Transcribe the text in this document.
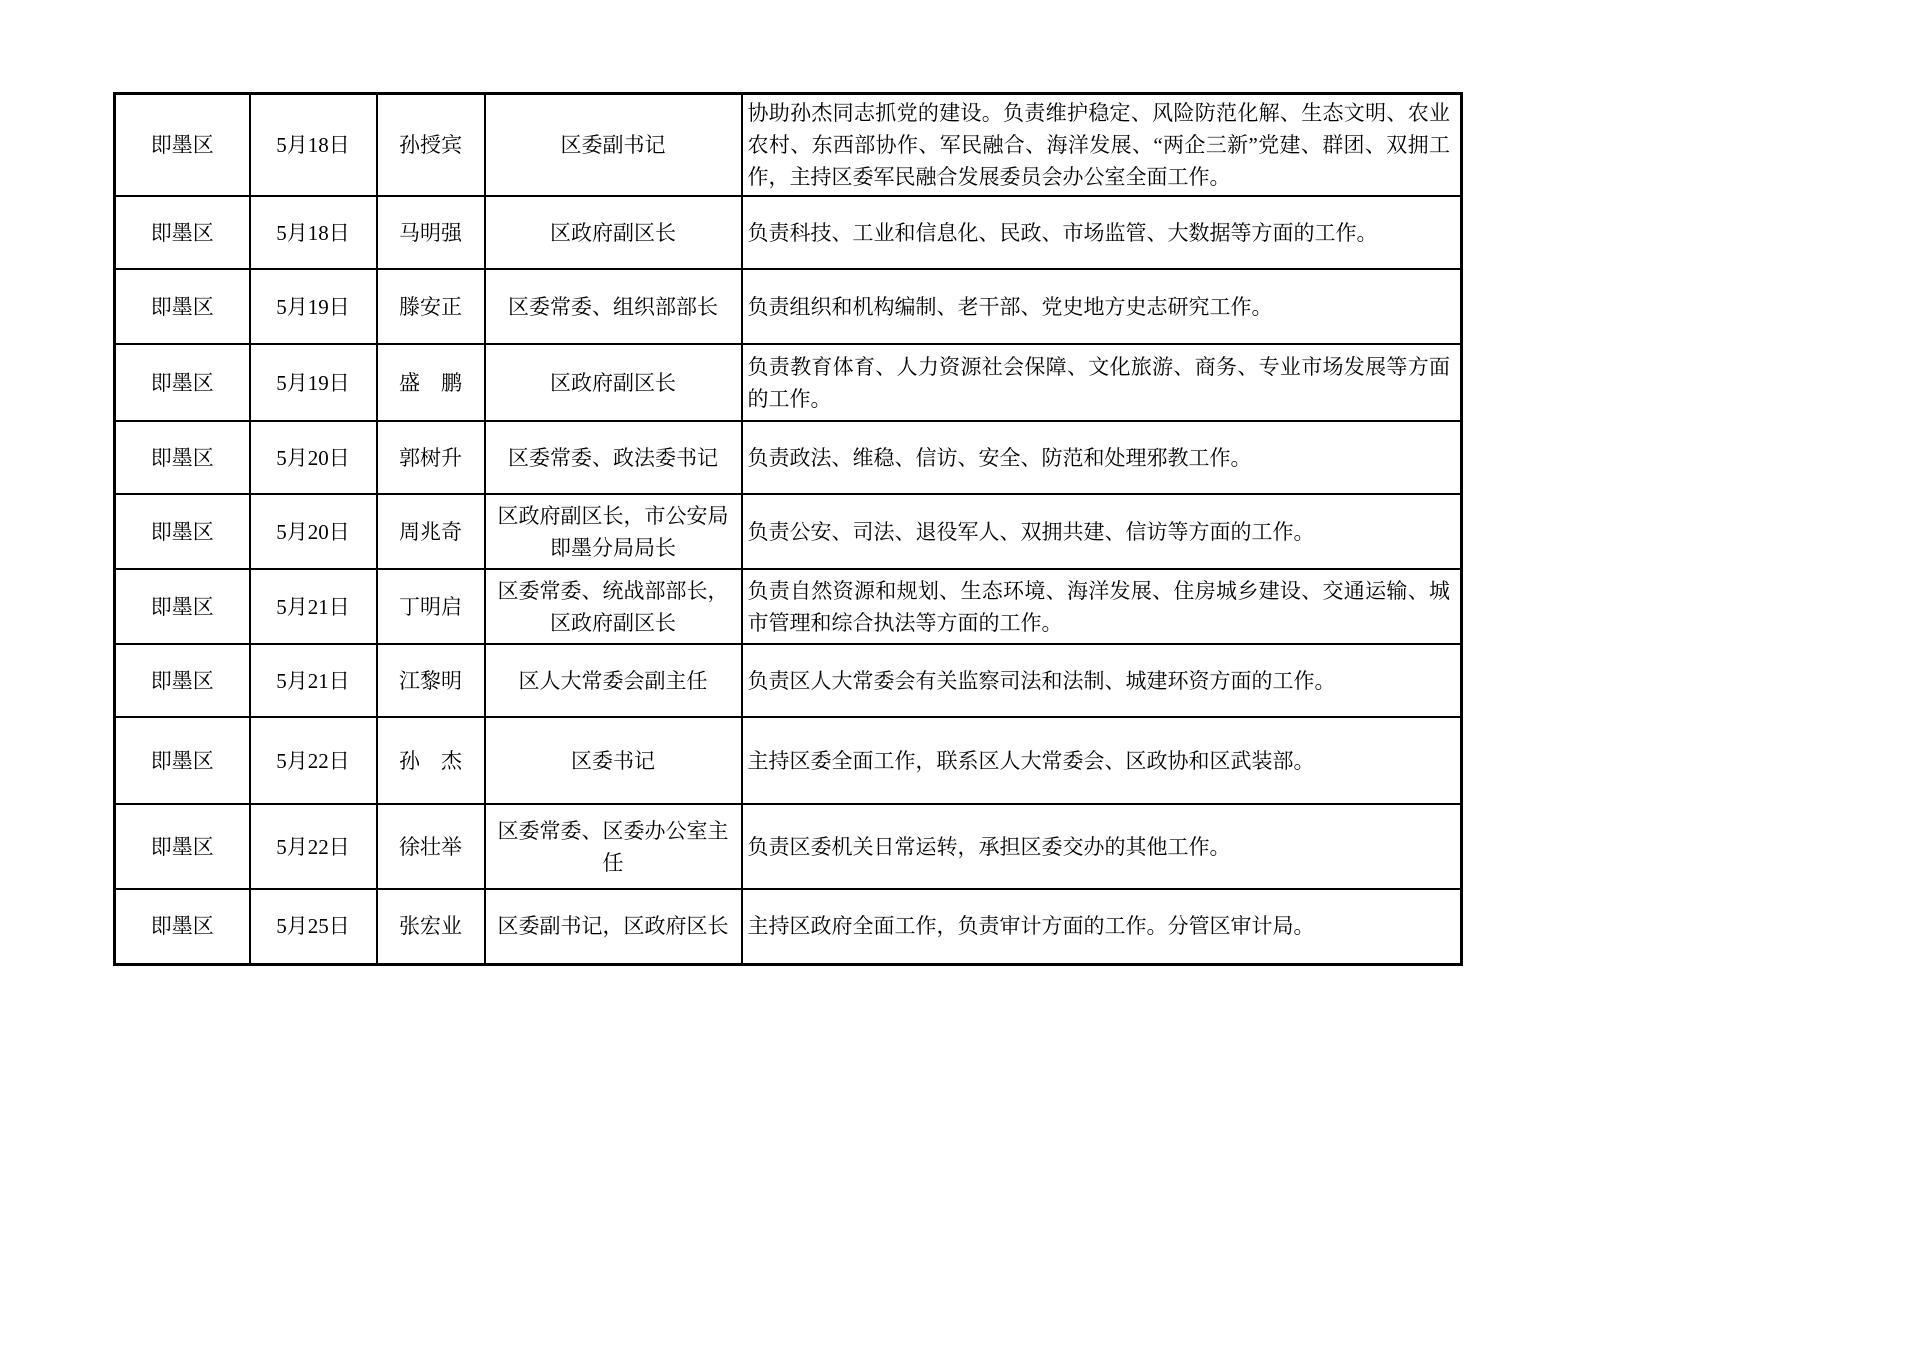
即墨区	5月18日	孙授宾	区委副书记	协助孙杰同志抓党的建设。负责维护稳定、风险防范化解、生态文明、农业农村、东西部协作、军民融合、海洋发展、“两企三新”党建、群团、双拥工作，主持区委军民融合发展委员会办公室全面工作。
即墨区	5月18日	马明强	区政府副区长	负责科技、工业和信息化、民政、市场监管、大数据等方面的工作。
即墨区	5月19日	滕安正	区委常委、组织部部长	负责组织和机构编制、老干部、党史地方史志研究工作。
即墨区	5月19日	盛　鹏	区政府副区长	负责教育体育、人力资源社会保障、文化旅游、商务、专业市场发展等方面的工作。
即墨区	5月20日	郭树升	区委常委、政法委书记	负责政法、维稳、信访、安全、防范和处理邪教工作。
即墨区	5月20日	周兆奇	区政府副区长，市公安局即墨分局局长	负责公安、司法、退役军人、双拥共建、信访等方面的工作。
即墨区	5月21日	丁明启	区委常委、统战部部长，区政府副区长	负责自然资源和规划、生态环境、海洋发展、住房城乡建设、交通运输、城市管理和综合执法等方面的工作。
即墨区	5月21日	江黎明	区人大常委会副主任	负责区人大常委会有关监察司法和法制、城建环资方面的工作。
即墨区	5月22日	孙　杰	区委书记	主持区委全面工作，联系区人大常委会、区政协和区武装部。
即墨区	5月22日	徐壮举	区委常委、区委办公室主任	负责区委机关日常运转，承担区委交办的其他工作。
即墨区	5月25日	张宏业	区委副书记，区政府区长	主持区政府全面工作，负责审计方面的工作。分管区审计局。
